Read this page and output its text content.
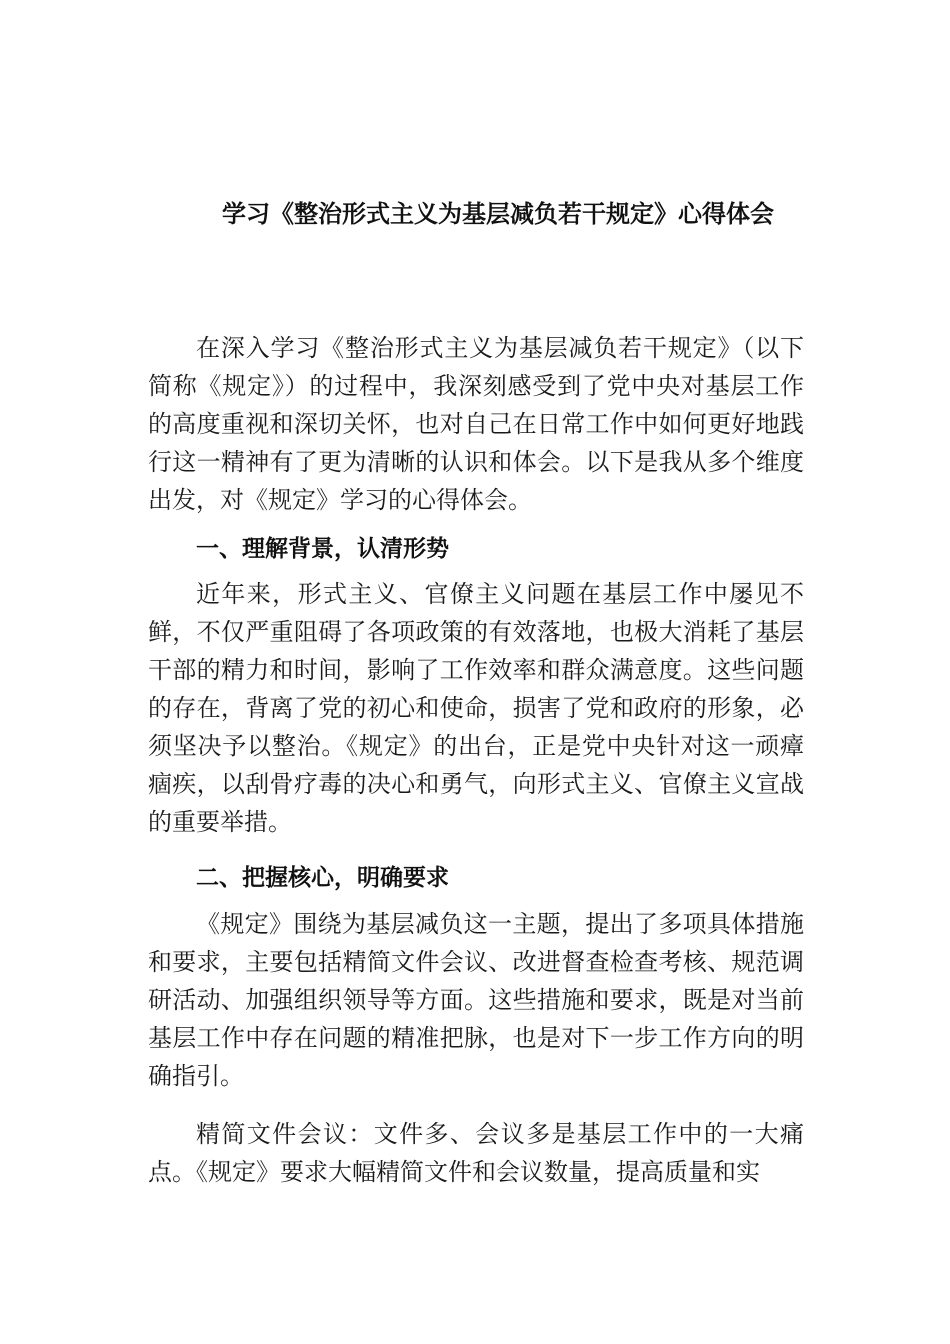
学习《整治形式主义为基层减负若干规定》心得体会

在深入学习《整治形式主义为基层减负若干规定》（以下简称《规定》）的过程中，我深刻感受到了党中央对基层工作的高度重视和深切关怀，也对自己在日常工作中如何更好地践行这一精神有了更为清晰的认识和体会。以下是我从多个维度出发，对《规定》学习的心得体会。

一、理解背景，认清形势

近年来，形式主义、官僚主义问题在基层工作中屡见不鲜，不仅严重阻碍了各项政策的有效落地，也极大消耗了基层干部的精力和时间，影响了工作效率和群众满意度。这些问题的存在，背离了党的初心和使命，损害了党和政府的形象，必须坚决予以整治。《规定》的出台，正是党中央针对这一顽瘴痼疾，以刮骨疗毒的决心和勇气，向形式主义、官僚主义宣战的重要举措。

二、把握核心，明确要求

《规定》围绕为基层减负这一主题，提出了多项具体措施和要求，主要包括精简文件会议、改进督查检查考核、规范调研活动、加强组织领导等方面。这些措施和要求，既是对当前基层工作中存在问题的精准把脉，也是对下一步工作方向的明确指引。

精简文件会议：文件多、会议多是基层工作中的一大痛点。《规定》要求大幅精简文件和会议数量，提高质量和实
